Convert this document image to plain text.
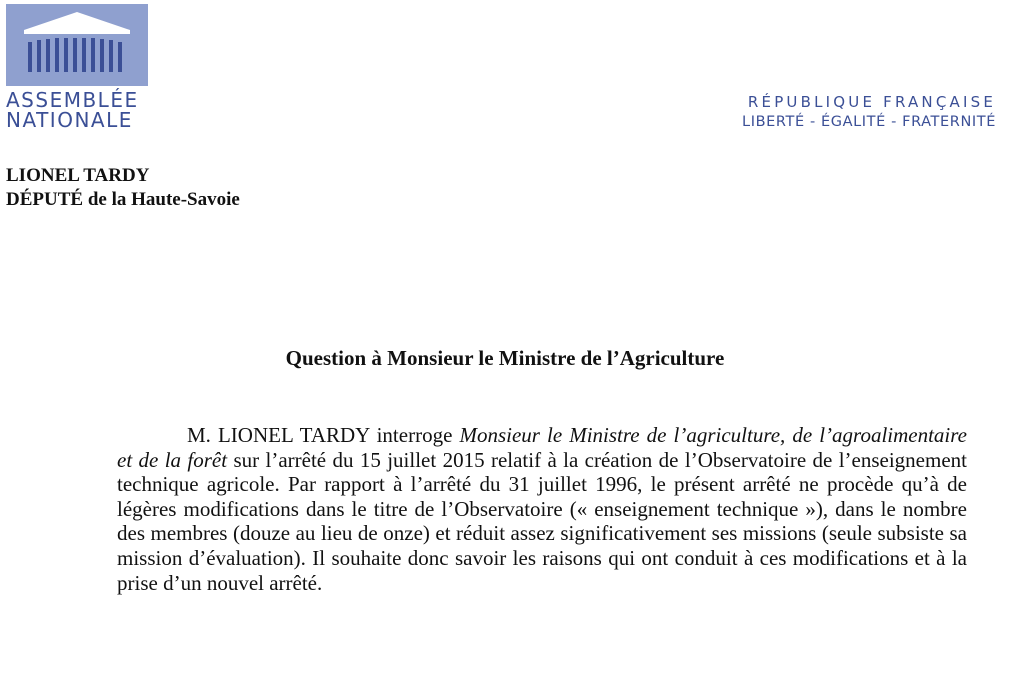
ASSEMBLÉE
NATIONALE
RÉPUBLIQUE FRANÇAISE
LIBERTÉ - ÉGALITÉ - FRATERNITÉ
LIONEL TARDY
DÉPUTÉ de la Haute-Savoie
Question à Monsieur le Ministre de l’Agriculture
M. LIONEL TARDY interroge Monsieur le Ministre de l’agriculture, de l’agroalimentaire et de la forêt sur l’arrêté du 15 juillet 2015 relatif à la création de l’Observatoire de l’enseignement technique agricole. Par rapport à l’arrêté du 31 juillet 1996, le présent arrêté ne procède qu’à de légères modifications dans le titre de l’Observatoire (« enseignement technique »), dans le nombre des membres (douze au lieu de onze) et réduit assez significativement ses missions (seule subsiste sa mission d’évaluation). Il souhaite donc savoir les raisons qui ont conduit à ces modifications et à la prise d’un nouvel arrêté.
